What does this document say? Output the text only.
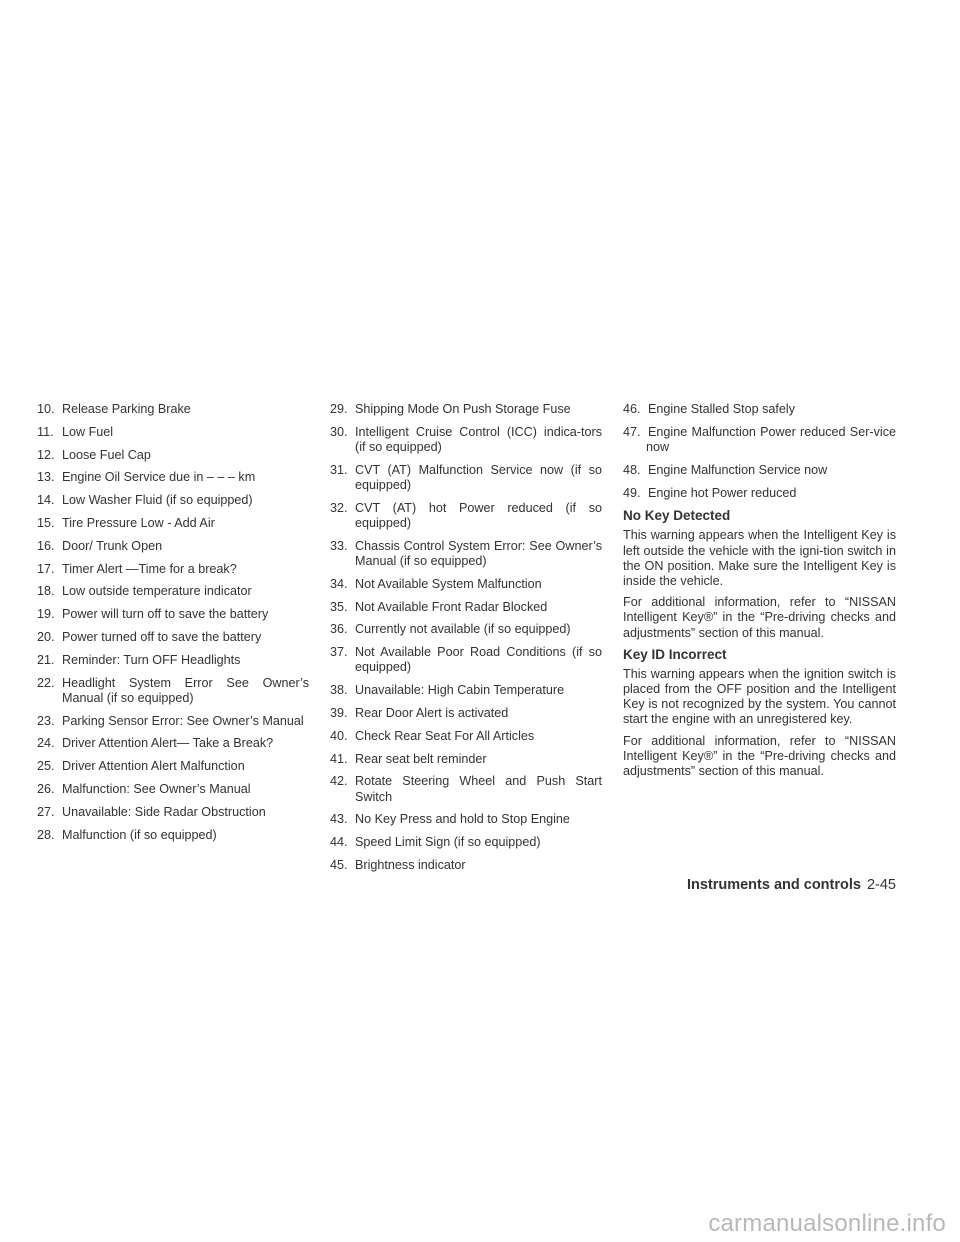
10. Release Parking Brake
11. Low Fuel
12. Loose Fuel Cap
13. Engine Oil Service due in – – – km
14. Low Washer Fluid (if so equipped)
15. Tire Pressure Low - Add Air
16. Door/ Trunk Open
17. Timer Alert —Time for a break?
18. Low outside temperature indicator
19. Power will turn off to save the battery
20. Power turned off to save the battery
21. Reminder: Turn OFF Headlights
22. Headlight System Error See Owner’s Manual (if so equipped)
23. Parking Sensor Error: See Owner’s Manual
24. Driver Attention Alert— Take a Break?
25. Driver Attention Alert Malfunction
26. Malfunction: See Owner’s Manual
27. Unavailable: Side Radar Obstruction
28. Malfunction (if so equipped)
29. Shipping Mode On Push Storage Fuse
30. Intelligent Cruise Control (ICC) indica-tors (if so equipped)
31. CVT (AT) Malfunction Service now (if so equipped)
32. CVT (AT) hot Power reduced (if so equipped)
33. Chassis Control System Error: See Owner’s Manual (if so equipped)
34. Not Available System Malfunction
35. Not Available Front Radar Blocked
36. Currently not available (if so equipped)
37. Not Available Poor Road Conditions (if so equipped)
38. Unavailable: High Cabin Temperature
39. Rear Door Alert is activated
40. Check Rear Seat For All Articles
41. Rear seat belt reminder
42. Rotate Steering Wheel and Push Start Switch
43. No Key Press and hold to Stop Engine
44. Speed Limit Sign (if so equipped)
45. Brightness indicator
46. Engine Stalled Stop safely
47. Engine Malfunction Power reduced Ser-vice now
48. Engine Malfunction Service now
49. Engine hot Power reduced
No Key Detected

This warning appears when the Intelligent Key is left outside the vehicle with the igni-tion switch in the ON position. Make sure the Intelligent Key is inside the vehicle.

For additional information, refer to “NISSAN Intelligent Key®” in the “Pre-driving checks and adjustments” section of this manual.

Key ID Incorrect

This warning appears when the ignition switch is placed from the OFF position and the Intelligent Key is not recognized by the system. You cannot start the engine with an unregistered key.

For additional information, refer to “NISSAN Intelligent Key®” in the “Pre-driving checks and adjustments” section of this manual.

Instruments and controls 2-45
carmanualsonline.info
